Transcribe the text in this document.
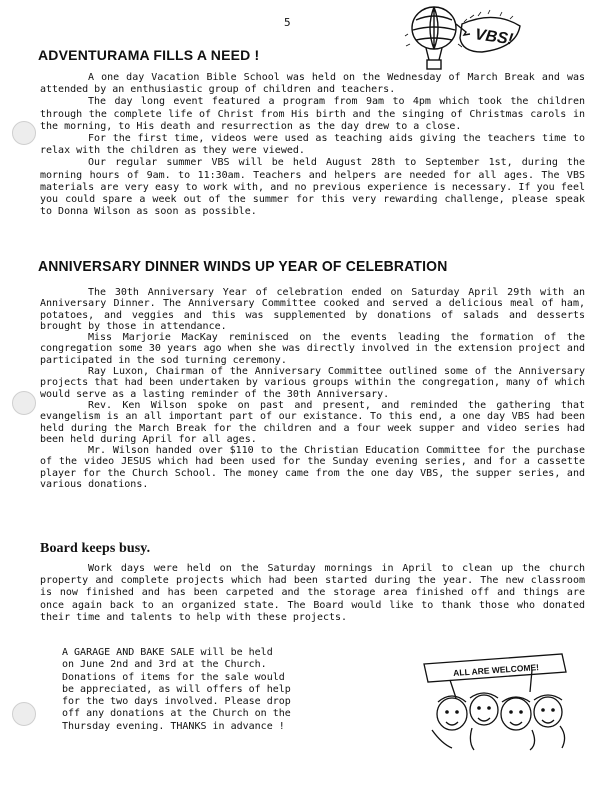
5
VBS!
ADVENTURAMA FILLS A NEED !

A one day Vacation Bible School was held on the Wednesday of March Break and was attended by an enthusiastic group of children and teachers.

The day long event featured a program from 9am to 4pm which took the children through the complete life of Christ from His birth and the singing of Christmas carols in the morning, to His death and resurrection as the day drew to a close.

For the first time, videos were used as teaching aids giving the teachers time to relax with the children as they were viewed.

Our regular summer VBS will be held August 28th to September 1st, during the morning hours of 9am. to 11:30am. Teachers and helpers are needed for all ages. The VBS materials are very easy to work with, and no previous experience is necessary. If you feel you could spare a week out of the summer for this very rewarding challenge, please speak to Donna Wilson as soon as possible.

ANNIVERSARY DINNER WINDS UP YEAR OF CELEBRATION

The 30th Anniversary Year of celebration ended on Saturday April 29th with an Anniversary Dinner. The Anniversary Committee cooked and served a delicious meal of ham, potatoes, and veggies and this was supplemented by donations of salads and desserts brought by those in attendance.

Miss Marjorie MacKay reminisced on the events leading the formation of the congregation some 30 years ago when she was directly involved in the extension project and participated in the sod turning ceremony.

Ray Luxon, Chairman of the Anniversary Committee outlined some of the Anniversary projects that had been undertaken by various groups within the congregation, many of which would serve as a lasting reminder of the 30th Anniversary.

Rev. Ken Wilson spoke on past and present, and reminded the gathering that evangelism is an all important part of our existance. To this end, a one day VBS had been held during the March Break for the children and a four week supper and video series had been held during April for all ages.

Mr. Wilson handed over $110 to the Christian Education Committee for the purchase of the video JESUS which had been used for the Sunday evening series, and for a cassette player for the Church School. The money came from the one day VBS, the supper series, and various donations.

Board keeps busy.

Work days were held on the Saturday mornings in April to clean up the church property and complete projects which had been started during the year. The new classroom is now finished and has been carpeted and the storage area finished off and things are once again back to an organized state. The Board would like to thank those who donated their time and talents to help with these projects.

A GARAGE AND BAKE SALE will be held
on June 2nd and 3rd at the Church.
Donations of items for the sale would
be appreciated, as will offers of help
for the two days involved. Please drop
off any donations at the Church on the
Thursday evening. THANKS in advance !
ALL ARE WELCOME!
